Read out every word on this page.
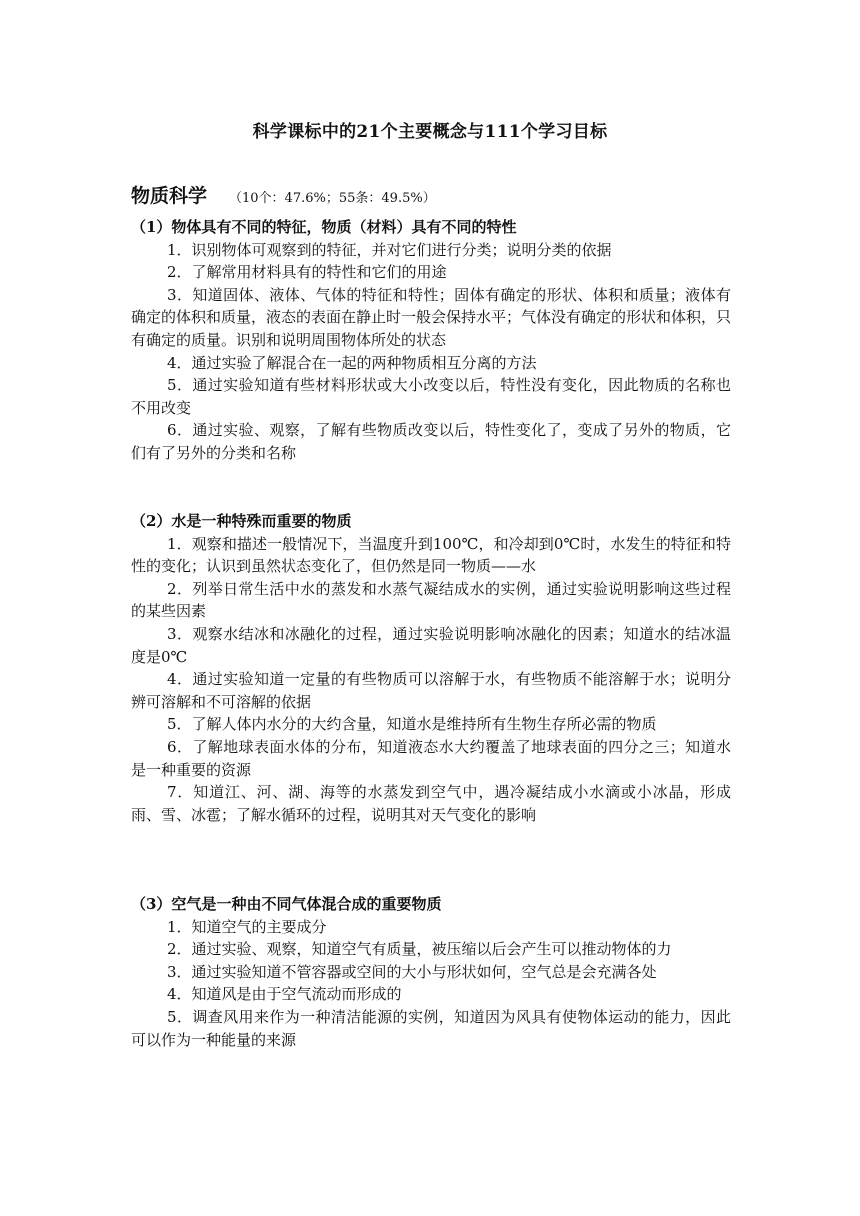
科学课标中的21个主要概念与111个学习目标
物质科学 （10个：47.6%；55条：49.5%）

（1）物体具有不同的特征，物质（材料）具有不同的特性

1．识别物体可观察到的特征，并对它们进行分类；说明分类的依据

2．了解常用材料具有的特性和它们的用途

3．知道固体、液体、气体的特征和特性；固体有确定的形状、体积和质量；液体有确定的体积和质量，液态的表面在静止时一般会保持水平；气体没有确定的形状和体积，只有确定的质量。识别和说明周围物体所处的状态

4．通过实验了解混合在一起的两种物质相互分离的方法

5．通过实验知道有些材料形状或大小改变以后，特性没有变化，因此物质的名称也不用改变

6．通过实验、观察，了解有些物质改变以后，特性变化了，变成了另外的物质，它们有了另外的分类和名称

（2）水是一种特殊而重要的物质

1．观察和描述一般情况下，当温度升到100℃，和冷却到0℃时，水发生的特征和特性的变化；认识到虽然状态变化了，但仍然是同一物质——水

2．列举日常生活中水的蒸发和水蒸气凝结成水的实例，通过实验说明影响这些过程的某些因素

3．观察水结冰和冰融化的过程，通过实验说明影响冰融化的因素；知道水的结冰温度是0℃

4．通过实验知道一定量的有些物质可以溶解于水，有些物质不能溶解于水；说明分辨可溶解和不可溶解的依据

5．了解人体内水分的大约含量，知道水是维持所有生物生存所必需的物质

6．了解地球表面水体的分布，知道液态水大约覆盖了地球表面的四分之三；知道水是一种重要的资源

7．知道江、河、湖、海等的水蒸发到空气中，遇冷凝结成小水滴或小冰晶，形成雨、雪、冰雹；了解水循环的过程，说明其对天气变化的影响

（3）空气是一种由不同气体混合成的重要物质

1．知道空气的主要成分

2．通过实验、观察，知道空气有质量，被压缩以后会产生可以推动物体的力

3．通过实验知道不管容器或空间的大小与形状如何，空气总是会充满各处

4．知道风是由于空气流动而形成的

5．调查风用来作为一种清洁能源的实例，知道因为风具有使物体运动的能力，因此可以作为一种能量的来源
